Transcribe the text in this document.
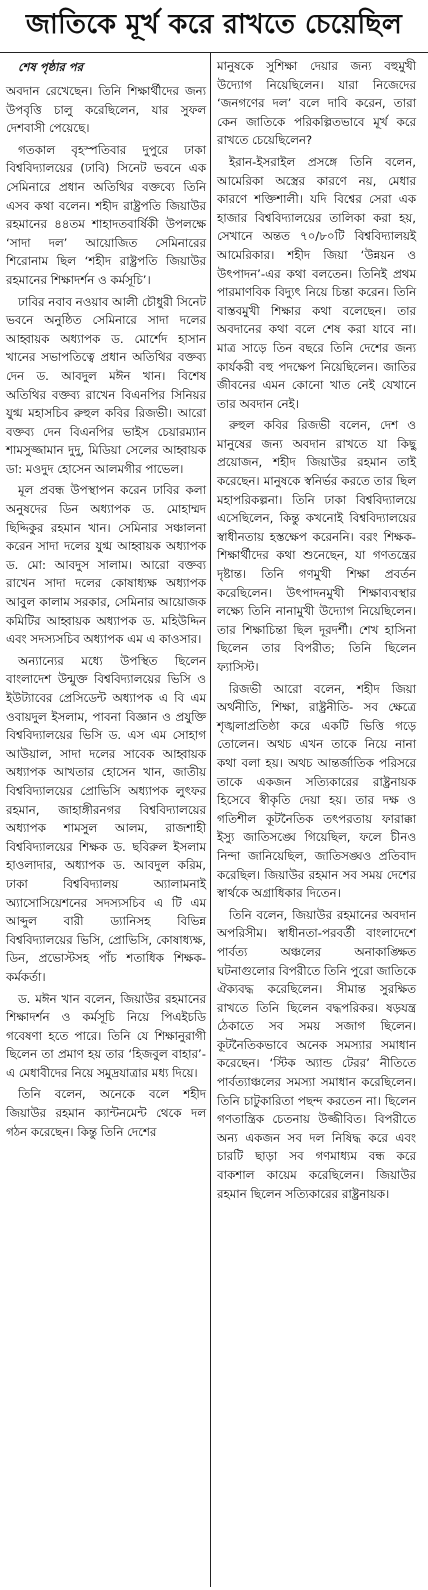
জাতিকে মূর্খ করে রাখতে চেয়েছিল
শেষ পৃষ্ঠার পর

অবদান রেখেছেন। তিনি শিক্ষার্থীদের জন্য উপবৃত্তি চালু করেছিলেন, যার সুফল দেশবাসী পেয়েছে।

গতকাল বৃহস্পতিবার দুপুরে ঢাকা বিশ্ববিদ্যালয়ের (ঢাবি) সিনেট ভবনে এক সেমিনারে প্রধান অতিথির বক্তব্যে তিনি এসব কথা বলেন। শহীদ রাষ্ট্রপতি জিয়াউর রহমানের ৪৪তম শাহাদতবার্ষিকী উপলক্ষে ‘সাদা দল’ আয়োজিত সেমিনারের শিরোনাম ছিল ‘শহীদ রাষ্ট্রপতি জিয়াউর রহমানের শিক্ষাদর্শন ও কর্মসূচি’।

ঢাবির নবাব নওয়াব আলী চৌধুরী সিনেট ভবনে অনুষ্ঠিত সেমিনারে সাদা দলের আহ্বায়ক অধ্যাপক ড. মোর্শেদ হাসান খানের সভাপতিত্বে প্রধান অতিথির বক্তব্য দেন ড. আবদুল মঈন খান। বিশেষ অতিথির বক্তব্য রাখেন বিএনপির সিনিয়র যুগ্ম মহাসচিব রুহুল কবির রিজভী। আরো বক্তব্য দেন বিএনপির ভাইস চেয়ারম্যান শামসুজ্জামান দুদু, মিডিয়া সেলের আহ্বায়ক ডা: মওদুদ হোসেন আলমগীর পাভেল।

মূল প্রবন্ধ উপস্থাপন করেন ঢাবির কলা অনুষদের ডিন অধ্যাপক ড. মোহাম্মদ ছিদ্দিকুর রহমান খান। সেমিনার সঞ্চালনা করেন সাদা দলের যুগ্ম আহ্বায়ক অধ্যাপক ড. মো: আবদুস সালাম। আরো বক্তব্য রাখেন সাদা দলের কোষাধ্যক্ষ অধ্যাপক আবুল কালাম সরকার, সেমিনার আয়োজক কমিটির আহ্বায়ক অধ্যাপক ড. মহিউদ্দিন এবং সদস্যসচিব অধ্যাপক এম এ কাওসার।

অন্যান্যের মধ্যে উপস্থিত ছিলেন বাংলাদেশ উন্মুক্ত বিশ্ববিদ্যালয়ের ভিসি ও ইউট্যাবের প্রেসিডেন্ট অধ্যাপক এ বি এম ওবায়দুল ইসলাম, পাবনা বিজ্ঞান ও প্রযুক্তি বিশ্ববিদ্যালয়ের ভিসি ড. এস এম সোহাগ আউয়াল, সাদা দলের সাবেক আহ্বায়ক অধ্যাপক আখতার হোসেন খান, জাতীয় বিশ্ববিদ্যালয়ের প্রোভিসি অধ্যাপক লুৎফর রহমান, জাহাঙ্গীরনগর বিশ্ববিদ্যালয়ের অধ্যাপক শামসুল আলম, রাজশাহী বিশ্ববিদ্যালয়ের শিক্ষক ড. ছবিরুল ইসলাম হাওলাদার, অধ্যাপক ড. আবদুল করিম, ঢাকা বিশ্ববিদ্যালয় অ্যালামনাই অ্যাসোসিয়েশনের সদস্যসচিব এ টি এম আব্দুল বারী ড্যানিসহ বিভিন্ন বিশ্ববিদ্যালয়ের ভিসি, প্রোভিসি, কোষাধ্যক্ষ, ডিন, প্রভোস্টসহ পাঁচ শতাধিক শিক্ষক-কর্মকর্তা।

ড. মঈন খান বলেন, জিয়াউর রহমানের শিক্ষাদর্শন ও কর্মসূচি নিয়ে পিএইচডি গবেষণা হতে পারে। তিনি যে শিক্ষানুরাগী ছিলেন তা প্রমাণ হয় তার ‘হিজবুল বাহার’-এ মেধাবীদের নিয়ে সমুদ্রযাত্রার মধ্য দিয়ে।

তিনি বলেন, অনেকে বলে শহীদ জিয়াউর রহমান ক্যান্টনমেন্ট থেকে দল গঠন করেছেন। কিন্তু তিনি দেশের

মানুষকে সুশিক্ষা দেয়ার জন্য বহুমুখী উদ্যোগ নিয়েছিলেন। যারা নিজেদের ‘জনগণের দল’ বলে দাবি করেন, তারা কেন জাতিকে পরিকল্পিতভাবে মূর্খ করে রাখতে চেয়েছিলেন?

ইরান-ইসরাইল প্রসঙ্গে তিনি বলেন, আমেরিকা অস্ত্রের কারণে নয়, মেধার কারণে শক্তিশালী। যদি বিশ্বের সেরা এক হাজার বিশ্ববিদ্যালয়ের তালিকা করা হয়, সেখানে অন্তত ৭০/৮০টি বিশ্ববিদ্যালয়ই আমেরিকার। শহীদ জিয়া ‘উন্নয়ন ও উৎপাদন’-এর কথা বলতেন। তিনিই প্রথম পারমাণবিক বিদ্যুৎ নিয়ে চিন্তা করেন। তিনি বাস্তবমুখী শিক্ষার কথা বলেছেন। তার অবদানের কথা বলে শেষ করা যাবে না। মাত্র সাড়ে তিন বছরে তিনি দেশের জন্য কার্যকরী বহু পদক্ষেপ নিয়েছিলেন। জাতির জীবনের এমন কোনো খাত নেই যেখানে তার অবদান নেই।

রুহুল কবির রিজভী বলেন, দেশ ও মানুষের জন্য অবদান রাখতে যা কিছু প্রয়োজন, শহীদ জিয়াউর রহমান তাই করেছেন। মানুষকে স্বনির্ভর করতে তার ছিল মহাপরিকল্পনা। তিনি ঢাকা বিশ্ববিদ্যালয়ে এসেছিলেন, কিন্তু কখনোই বিশ্ববিদ্যালয়ের স্বাধীনতায় হস্তক্ষেপ করেননি। বরং শিক্ষক-শিক্ষার্থীদের কথা শুনেছেন, যা গণতন্ত্রের দৃষ্টান্ত। তিনি গণমুখী শিক্ষা প্রবর্তন করেছিলেন। উৎপাদনমুখী শিক্ষাব্যবস্থার লক্ষ্যে তিনি নানামুখী উদ্যোগ নিয়েছিলেন। তার শিক্ষাচিন্তা ছিল দূরদর্শী। শেখ হাসিনা ছিলেন তার বিপরীত; তিনি ছিলেন ফ্যাসিস্ট।

রিজভী আরো বলেন, শহীদ জিয়া অর্থনীতি, শিক্ষা, রাষ্ট্রনীতি- সব ক্ষেত্রে শৃঙ্খলাপ্রতিষ্ঠা করে একটি ভিত্তি গড়ে তোলেন। অথচ এখন তাকে নিয়ে নানা কথা বলা হয়। অথচ আন্তর্জাতিক পরিসরে তাকে একজন সত্যিকারের রাষ্ট্রনায়ক হিসেবে স্বীকৃতি দেয়া হয়। তার দক্ষ ও গতিশীল কূটনৈতিক তৎপরতায় ফারাক্কা ইস্যু জাতিসঙ্ঘে গিয়েছিল, ফলে চীনও নিন্দা জানিয়েছিল, জাতিসঙ্ঘও প্রতিবাদ করেছিল। জিয়াউর রহমান সব সময় দেশের স্বার্থকে অগ্রাধিকার দিতেন।

তিনি বলেন, জিয়াউর রহমানের অবদান অপরিসীম। স্বাধীনতা-পরবর্তী বাংলাদেশে পার্বত্য অঞ্চলের অনাকাঙ্ক্ষিত ঘটনাগুলোর বিপরীতে তিনি পুরো জাতিকে ঐক্যবদ্ধ করেছিলেন। সীমান্ত সুরক্ষিত রাখতে তিনি ছিলেন বদ্ধপরিকর। ষড়যন্ত্র ঠেকাতে সব সময় সজাগ ছিলেন। কূটনৈতিকভাবে অনেক সমস্যার সমাধান করেছেন। ‘স্টিক অ্যান্ড টেরর’ নীতিতে পার্বত্যাঞ্চলের সমস্যা সমাধান করেছিলেন। তিনি চাটুকারিতা পছন্দ করতেন না। ছিলেন গণতান্ত্রিক চেতনায় উজ্জীবিত। বিপরীতে অন্য একজন সব দল নিষিদ্ধ করে এবং চারটি ছাড়া সব গণমাধ্যম বন্ধ করে বাকশাল কায়েম করেছিলেন। জিয়াউর রহমান ছিলেন সত্যিকারের রাষ্ট্রনায়ক।
